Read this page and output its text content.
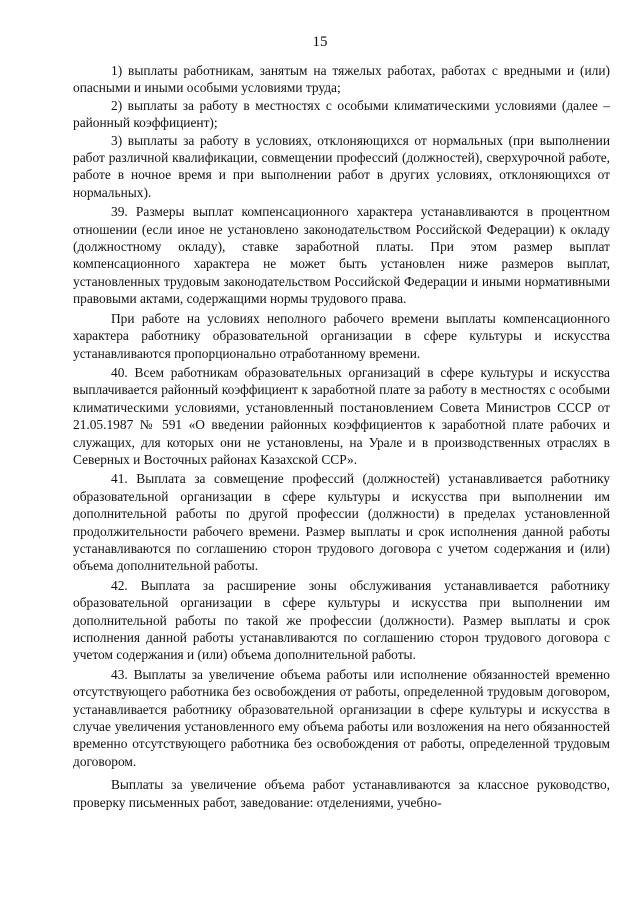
15

1) выплаты работникам, занятым на тяжелых работах, работах с вредными и (или) опасными и иными особыми условиями труда;

2) выплаты за работу в местностях с особыми климатическими условиями (далее – районный коэффициент);

3) выплаты за работу в условиях, отклоняющихся от нормальных (при выполнении работ различной квалификации, совмещении профессий (должностей), сверхурочной работе, работе в ночное время и при выполнении работ в других условиях, отклоняющихся от нормальных).

39. Размеры выплат компенсационного характера устанавливаются в процентном отношении (если иное не установлено законодательством Российской Федерации) к окладу (должностному окладу), ставке заработной платы. При этом размер выплат компенсационного характера не может быть установлен ниже размеров выплат, установленных трудовым законодательством Российской Федерации и иными нормативными правовыми актами, содержащими нормы трудового права.

При работе на условиях неполного рабочего времени выплаты компенсационного характера работнику образовательной организации в сфере культуры и искусства устанавливаются пропорционально отработанному времени.

40. Всем работникам образовательных организаций в сфере культуры и искусства выплачивается районный коэффициент к заработной плате за работу в местностях с особыми климатическими условиями, установленный постановлением Совета Министров СССР от 21.05.1987 № 591 «О введении районных коэффициентов к заработной плате рабочих и служащих, для которых они не установлены, на Урале и в производственных отраслях в Северных и Восточных районах Казахской ССР».

41. Выплата за совмещение профессий (должностей) устанавливается работнику образовательной организации в сфере культуры и искусства при выполнении им дополнительной работы по другой профессии (должности) в пределах установленной продолжительности рабочего времени. Размер выплаты и срок исполнения данной работы устанавливаются по соглашению сторон трудового договора с учетом содержания и (или) объема дополнительной работы.

42. Выплата за расширение зоны обслуживания устанавливается работнику образовательной организации в сфере культуры и искусства при выполнении им дополнительной работы по такой же профессии (должности). Размер выплаты и срок исполнения данной работы устанавливаются по соглашению сторон трудового договора с учетом содержания и (или) объема дополнительной работы.

43. Выплаты за увеличение объема работы или исполнение обязанностей временно отсутствующего работника без освобождения от работы, определенной трудовым договором, устанавливается работнику образовательной организации в сфере культуры и искусства в случае увеличения установленного ему объема работы или возложения на него обязанностей временно отсутствующего работника без освобождения от работы, определенной трудовым договором.

Выплаты за увеличение объема работ устанавливаются за классное руководство, проверку письменных работ, заведование: отделениями, учебно-
